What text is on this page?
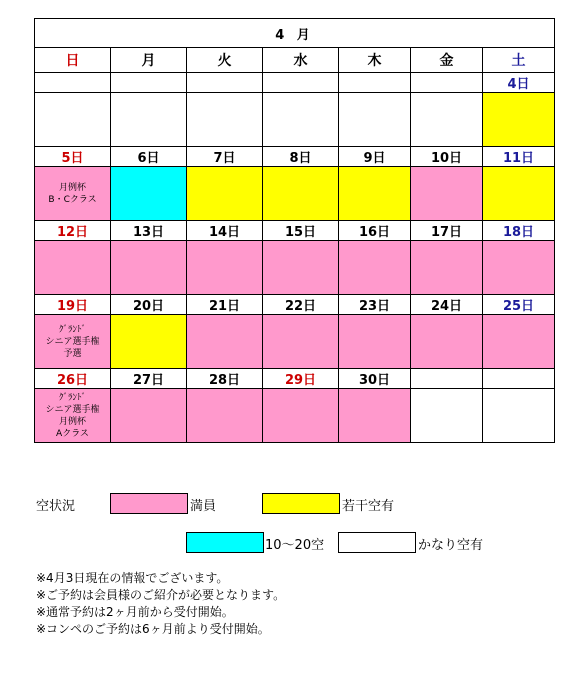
4 月						
日	月	火	水	木	金	土
						4日

5日	6日	7日	8日	9日	10日	11日

月例杯
B・Cクラス						

12日	13日	14日	15日	16日	17日	18日

19日	20日	21日	22日	23日	24日	25日

ｸﾞﾗﾝﾄﾞ
シニア選手権
予選						

26日	27日	28日	29日	30日		

ｸﾞﾗﾝﾄﾞ
シニア選手権
月例杯
Aクラス						

空状況	満員	若干空有
10～20空	かなり空有
※4月3日現在の情報でございます。
※ご予約は会員様のご紹介が必要となります。
※通常予約は2ヶ月前から受付開始。
※コンペのご予約は6ヶ月前より受付開始。
